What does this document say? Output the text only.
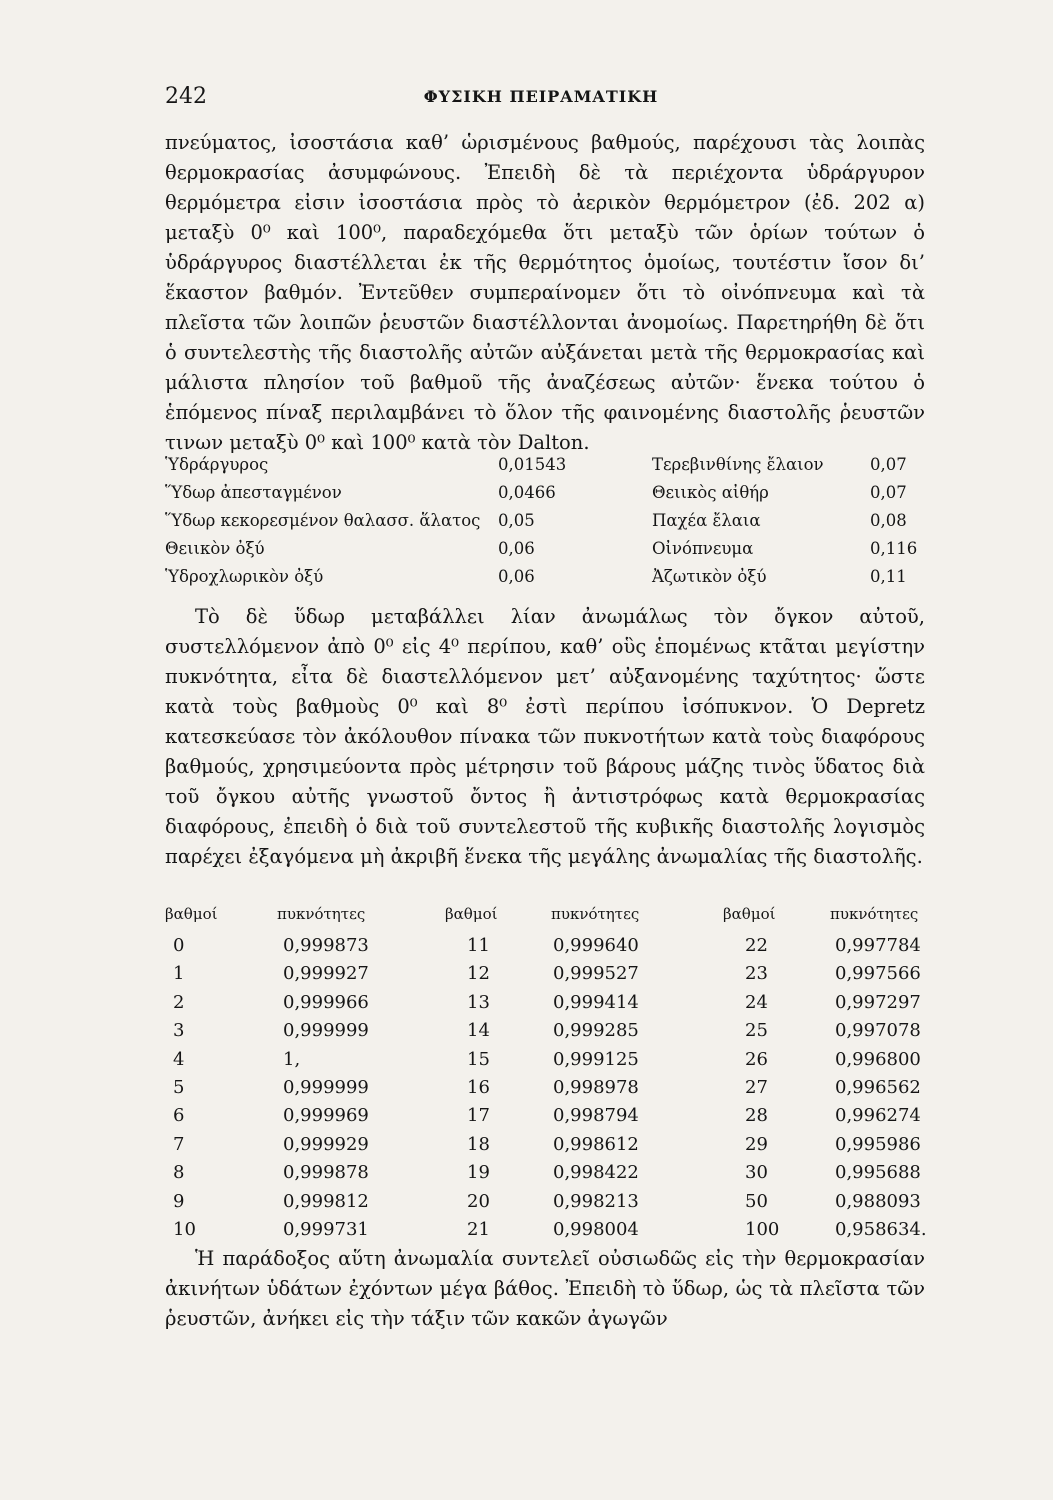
242	ΦΥΣΙΚΗ ΠΕΙΡΑΜΑΤΙΚΗ

πνεύματος, ἰσοστάσια καθ’ ὡρισμένους βαθμούς, παρέχουσι τὰς λοιπὰς θερμοκρασίας ἀσυμφώνους. Ἐπειδὴ δὲ τὰ περιέχοντα ὑδράργυρον θερμόμετρα εἰσιν ἰσοστάσια πρὸς τὸ ἀερικὸν θερμόμετρον (ἐδ. 202 α) μεταξὺ 0⁰ καὶ 100⁰, παραδεχόμεθα ὅτι μεταξὺ τῶν ὁρίων τούτων ὁ ὑδράργυρος διαστέλλεται ἐκ τῆς θερμότητος ὁμοίως, τουτέστιν ἴσον δι’ ἕκαστον βαθμόν. Ἐντεῦθεν συμπεραίνομεν ὅτι τὸ οἰνόπνευμα καὶ τὰ πλεῖστα τῶν λοιπῶν ῥευστῶν διαστέλλονται ἀνομοίως. Παρετηρήθη δὲ ὅτι ὁ συντελεστὴς τῆς διαστολῆς αὐτῶν αὐξάνεται μετὰ τῆς θερμοκρασίας καὶ μάλιστα πλησίον τοῦ βαθμοῦ τῆς ἀναζέσεως αὐτῶν· ἕνεκα τούτου ὁ ἑπόμενος πίναξ περιλαμβάνει τὸ ὅλον τῆς φαινομένης διαστολῆς ῥευστῶν τινων μεταξὺ 0⁰ καὶ 100⁰ κατὰ τὸν Dalton.

Ὑδράργυρος	0,01543	Τερεβινθίνης ἔλαιον	0,07
Ὕδωρ ἀπεσταγμένον	0,0466	Θειικὸς αἰθήρ	0,07
Ὕδωρ κεκορεσμένον θαλασσ. ἅλατος 0,05	Παχέα ἔλαια	0,08
Θειικὸν ὀξύ	0,06	Οἰνόπνευμα	0,116
Ὑδροχλωρικὸν ὀξύ	0,06	Ἀζωτικὸν ὀξύ	0,11

Τὸ δὲ ὕδωρ μεταβάλλει λίαν ἀνωμάλως τὸν ὄγκον αὐτοῦ, συστελλόμενον ἀπὸ 0⁰ εἰς 4⁰ περίπου, καθ’ οὓς ἑπομένως κτᾶται μεγίστην πυκνότητα, εἶτα δὲ διαστελλόμενον μετ’ αὐξανομένης ταχύτητος· ὥστε κατὰ τοὺς βαθμοὺς 0⁰ καὶ 8⁰ ἐστὶ περίπου ἰσόπυκνον. Ὁ Depretz κατεσκεύασε τὸν ἀκόλουθον πίνακα τῶν πυκνοτήτων κατὰ τοὺς διαφόρους βαθμούς, χρησιμεύοντα πρὸς μέτρησιν τοῦ βάρους μάζης τινὸς ὕδατος διὰ τοῦ ὄγκου αὐτῆς γνωστοῦ ὄντος ἢ ἀντιστρόφως κατὰ θερμοκρασίας διαφόρους, ἐπειδὴ ὁ διὰ τοῦ συντελεστοῦ τῆς κυβικῆς διαστολῆς λογισμὸς παρέχει ἐξαγόμενα μὴ ἀκριβῆ ἕνεκα τῆς μεγάλης ἀνωμαλίας τῆς διαστολῆς.

βαθμοί	πυκνότητες	βαθμοί	πυκνότητες	βαθμοί	πυκνότητες
0	0,999873	11	0,999640	22	0,997784
1	0,999927	12	0,999527	23	0,997566
2	0,999966	13	0,999414	24	0,997297
3	0,999999	14	0,999285	25	0,997078
4	1,	15	0,999125	26	0,996800
5	0,999999	16	0,998978	27	0,996562
6	0,999969	17	0,998794	28	0,996274
7	0,999929	18	0,998612	29	0,995986
8	0,999878	19	0,998422	30	0,995688
9	0,999812	20	0,998213	50	0,988093
10	0,999731	21	0,998004	100	0,958634.

Ἡ παράδοξος αὕτη ἀνωμαλία συντελεῖ οὐσιωδῶς εἰς τὴν θερμοκρασίαν ἀκινήτων ὑδάτων ἐχόντων μέγα βάθος. Ἐπειδὴ τὸ ὕδωρ, ὡς τὰ πλεῖστα τῶν ῥευστῶν, ἀνήκει εἰς τὴν τάξιν τῶν κακῶν ἀγωγῶν
